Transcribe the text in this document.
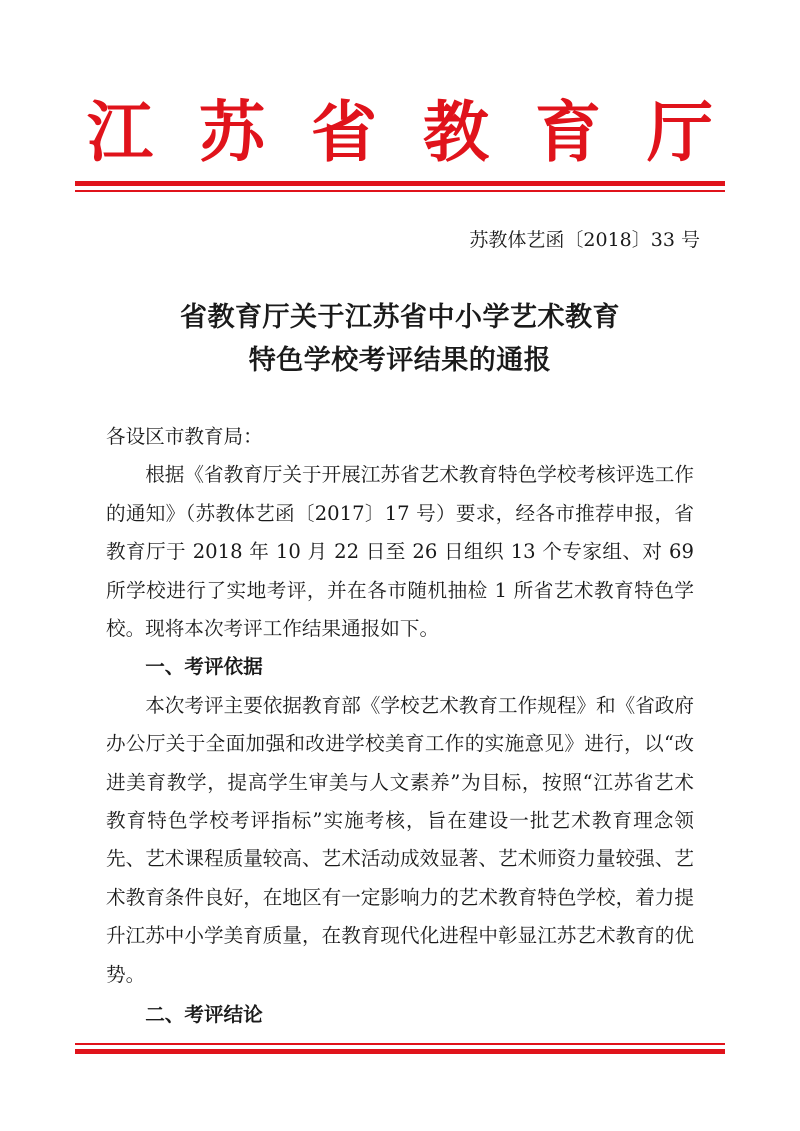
江苏省教育厅
苏教体艺函〔2018〕33 号
省教育厅关于江苏省中小学艺术教育
特色学校考评结果的通报

各设区市教育局：

根据《省教育厅关于开展江苏省艺术教育特色学校考核评选工作的通知》（苏教体艺函〔2017〕17 号）要求，经各市推荐申报，省教育厅于 2018 年 10 月 22 日至 26 日组织 13 个专家组、对 69 所学校进行了实地考评，并在各市随机抽检 1 所省艺术教育特色学校。现将本次考评工作结果通报如下。

一、考评依据

本次考评主要依据教育部《学校艺术教育工作规程》和《省政府办公厅关于全面加强和改进学校美育工作的实施意见》进行，以“改进美育教学，提高学生审美与人文素养”为目标，按照“江苏省艺术教育特色学校考评指标”实施考核，旨在建设一批艺术教育理念领先、艺术课程质量较高、艺术活动成效显著、艺术师资力量较强、艺术教育条件良好，在地区有一定影响力的艺术教育特色学校，着力提升江苏中小学美育质量，在教育现代化进程中彰显江苏艺术教育的优势。

二、考评结论
